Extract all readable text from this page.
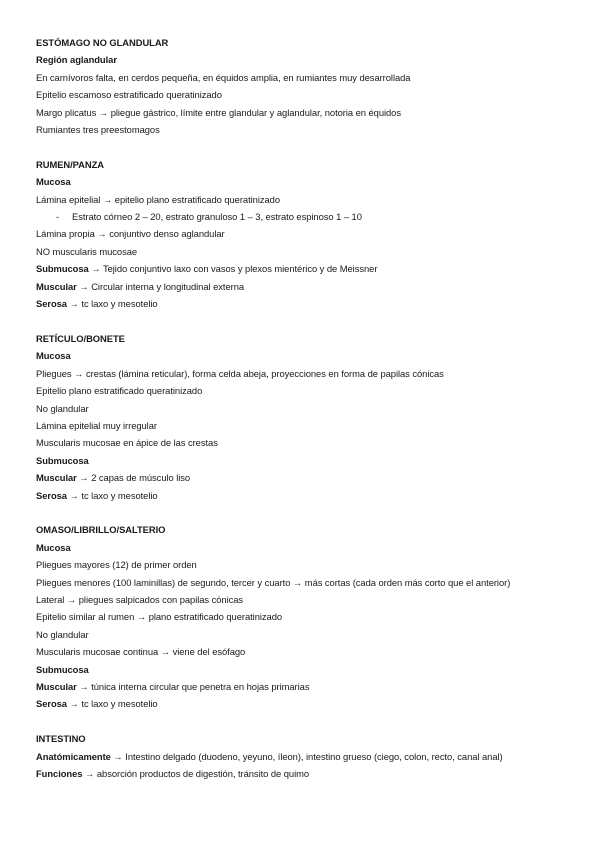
ESTÓMAGO NO GLANDULAR
Región aglandular
En carnívoros falta, en cerdos pequeña, en équidos amplia, en rumiantes muy desarrollada
Epitelio escamoso estratificado queratinizado
Margo plicatus → pliegue gástrico, límite entre glandular y aglandular, notoria en équidos
Rumiantes tres preestomagos
RUMEN/PANZA
Mucosa
Lámina epitelial → epitelio plano estratificado queratinizado
- Estrato córneo 2 – 20, estrato granuloso 1 – 3, estrato espinoso 1 – 10
Lámina propia → conjuntivo denso aglandular
NO muscularis mucosae
Submucosa → Tejido conjuntivo laxo con vasos y plexos mientérico y de Meissner
Muscular → Circular interna y longitudinal externa
Serosa → tc laxo y mesotelio
RETÍCULO/BONETE
Mucosa
Pliegues → crestas (lámina reticular), forma celda abeja, proyecciones en forma de papilas cónicas
Epitelio plano estratificado queratinizado
No glandular
Lámina epitelial muy irregular
Muscularis mucosae en ápice de las crestas
Submucosa
Muscular → 2 capas de músculo liso
Serosa → tc laxo y mesotelio
OMASO/LIBRILLO/SALTERIO
Mucosa
Pliegues mayores (12) de primer orden
Pliegues menores (100 laminillas) de segundo, tercer y cuarto → más cortas (cada orden más corto que el anterior)
Lateral → pliegues salpicados con papilas cónicas
Epitelio similar al rumen → plano estratificado queratinizado
No glandular
Muscularis mucosae continua → viene del esófago
Submucosa
Muscular → túnica interna circular que penetra en hojas primarias
Serosa → tc laxo y mesotelio
INTESTINO
Anatómicamente → Intestino delgado (duodeno, yeyuno, íleon), intestino grueso (ciego, colon, recto, canal anal)
Funciones → absorción productos de digestión, tránsito de quimo
